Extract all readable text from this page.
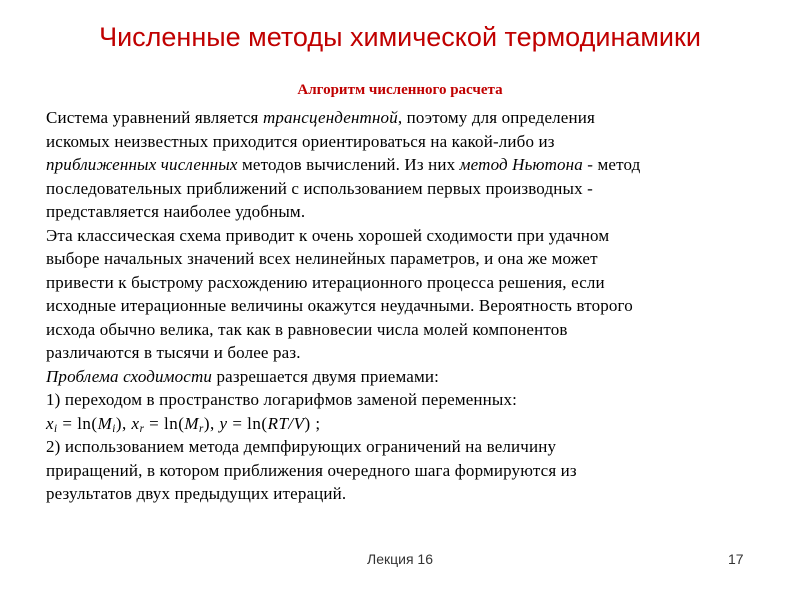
Численные методы химической термодинамики
Алгоритм численного расчета
Система уравнений является трансцендентной, поэтому для определения
искомых неизвестных приходится ориентироваться на какой-либо из
приближенных численных методов вычислений. Из них метод Ньютона - метод
последовательных приближений с использованием первых производных -
представляется наиболее удобным.
Эта классическая схема приводит к очень хорошей сходимости при удачном
выборе начальных значений всех нелинейных параметров, и она же может
привести к быстрому расхождению итерационного процесса решения, если
исходные итерационные величины окажутся неудачными. Вероятность второго
исхода обычно велика, так как в равновесии числа молей компонентов
различаются в тысячи и более раз.
Проблема сходимости разрешается двумя приемами:
1) переходом в пространство логарифмов заменой переменных:
$x_i = \ln(M_i)$, $x_r = \ln(M_r)$, y = ln(RT/V) ;
2) использованием метода демпфирующих ограничений на величину
приращений, в котором приближения очередного шага формируются из
результатов двух предыдущих итераций.
Лекция 16	17
